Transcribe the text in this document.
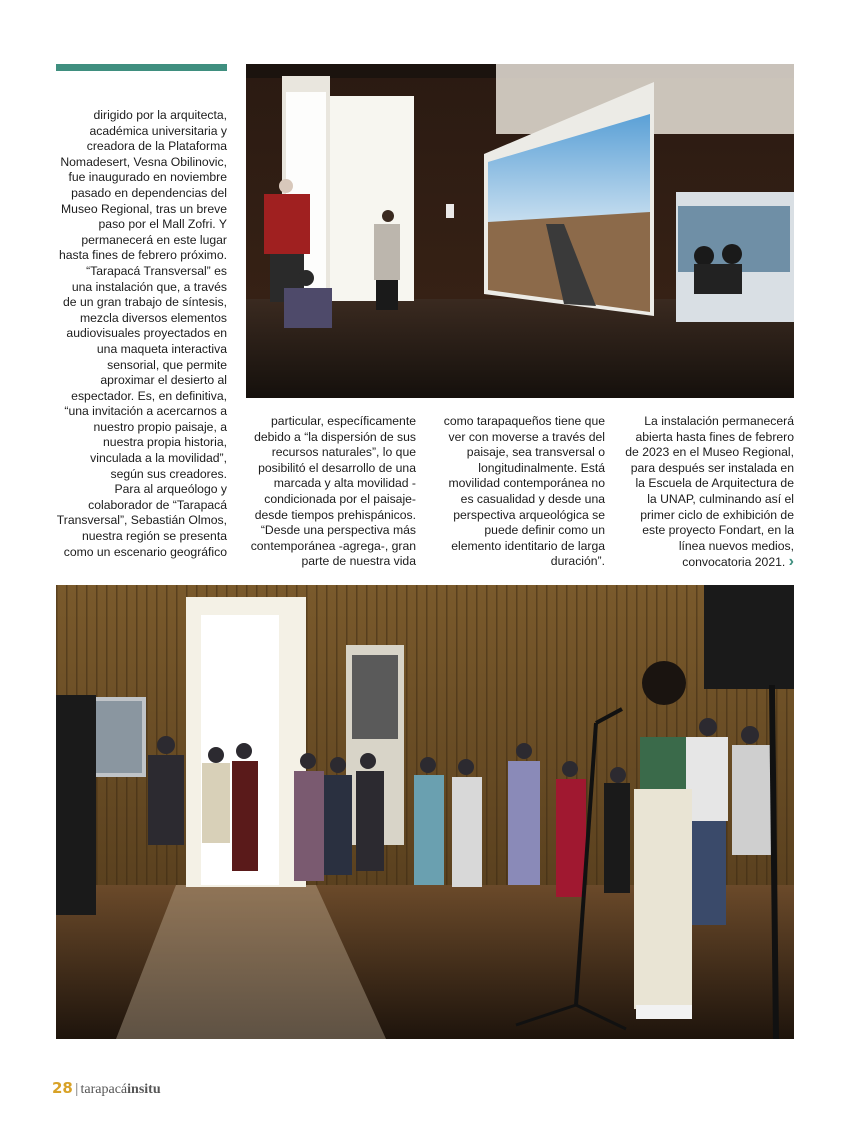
dirigido por la arquitecta, académica universitaria y creadora de la Plataforma Nomadesert, Vesna Obilinovic, fue inaugurado en noviembre pasado en dependencias del Museo Regional, tras un breve paso por el Mall Zofri. Y permanecerá en este lugar hasta fines de febrero próximo.

“Tarapacá Transversal” es una instalación que, a través de un gran trabajo de síntesis, mezcla diversos elementos audiovisuales proyectados en una maqueta interactiva sensorial, que permite aproximar el desierto al espectador. Es, en definitiva, “una invitación a acercarnos a nuestro propio paisaje, a nuestra propia historia, vinculada a la movilidad”, según sus creadores.

Para al arqueólogo y colaborador de “Tarapacá Transversal”, Sebastián Olmos, nuestra región se presenta como un escenario geográfico

particular, específicamente debido a “la dispersión de sus recursos naturales”, lo que posibilitó el desarrollo de una marcada y alta movilidad -condicionada por el paisaje- desde tiempos prehispánicos.

“Desde una perspectiva más contemporánea -agrega-, gran parte de nuestra vida

como tarapaqueños tiene que ver con moverse a través del paisaje, sea transversal o longitudinalmente. Está movilidad contemporánea no es casualidad y desde una perspectiva arqueológica se puede definir como un elemento identitario de larga duración”.

La instalación permanecerá abierta hasta fines de febrero de 2023 en el Museo Regional, para después ser instalada en la Escuela de Arquitectura de la UNAP, culminando así el primer ciclo de exhibición de este proyecto Fondart, en la línea nuevos medios, convocatoria 2021. ›

28 | tarapacáinsitu
